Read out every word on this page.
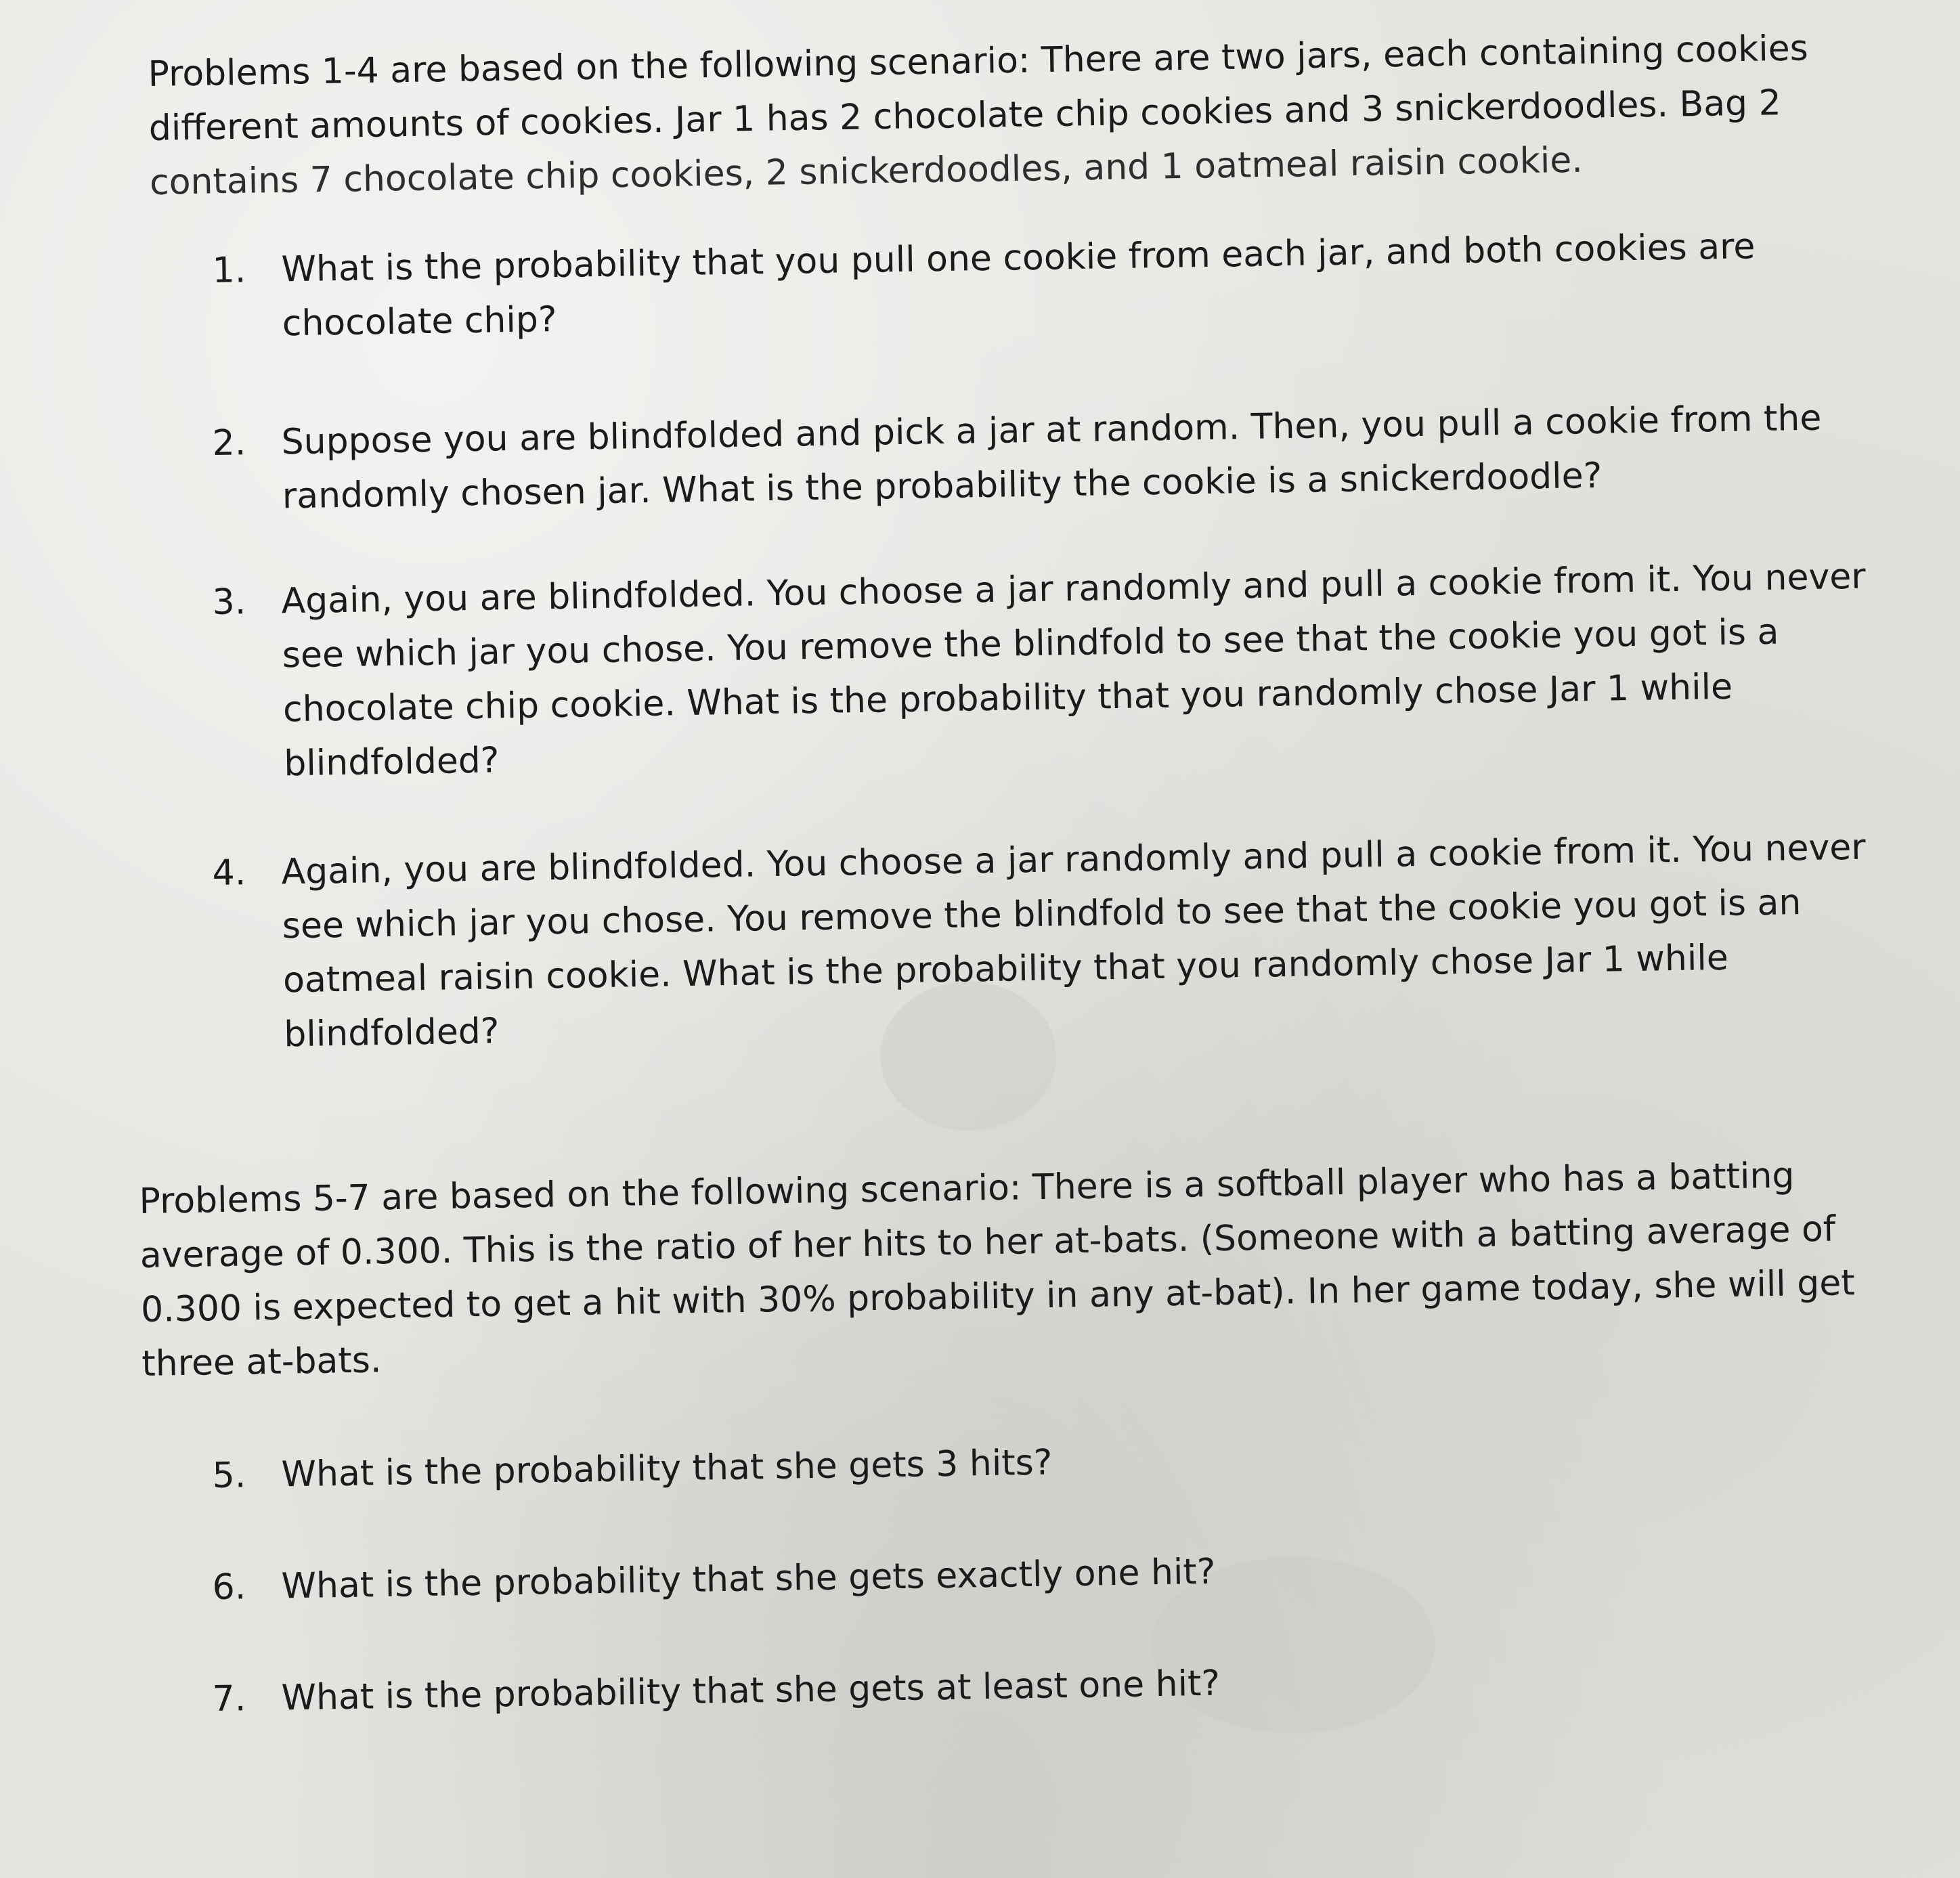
Problems 1-4 are based on the following scenario: There are two jars, each containing cookies different amounts of cookies. Jar 1 has 2 chocolate chip cookies and 3 snickerdoodles. Bag 2 contains 7 chocolate chip cookies, 2 snickerdoodles, and 1 oatmeal raisin cookie.

1. What is the probability that you pull one cookie from each jar, and both cookies are chocolate chip?
2. Suppose you are blindfolded and pick a jar at random. Then, you pull a cookie from the randomly chosen jar. What is the probability the cookie is a snickerdoodle?
3. Again, you are blindfolded. You choose a jar randomly and pull a cookie from it. You never see which jar you chose. You remove the blindfold to see that the cookie you got is a chocolate chip cookie. What is the probability that you randomly chose Jar 1 while blindfolded?
4. Again, you are blindfolded. You choose a jar randomly and pull a cookie from it. You never see which jar you chose. You remove the blindfold to see that the cookie you got is an oatmeal raisin cookie. What is the probability that you randomly chose Jar 1 while blindfolded?

Problems 5-7 are based on the following scenario: There is a softball player who has a batting average of 0.300. This is the ratio of her hits to her at-bats. (Someone with a batting average of 0.300 is expected to get a hit with 30% probability in any at-bat). In her game today, she will get three at-bats.

5. What is the probability that she gets 3 hits?
6. What is the probability that she gets exactly one hit?
7. What is the probability that she gets at least one hit?
